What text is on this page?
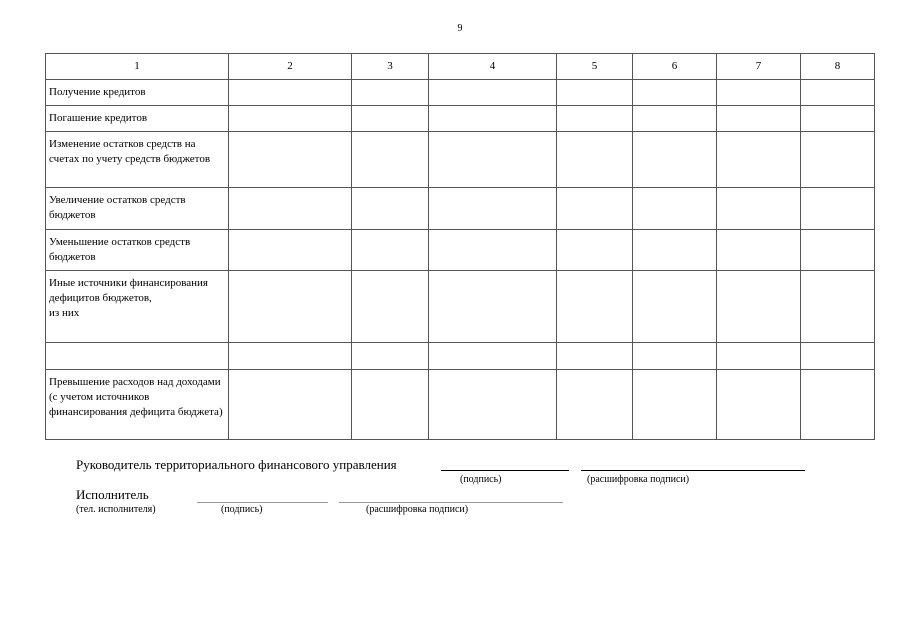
9
1	2	3	4	5	6	7	8
Получение кредитов							
Погашение кредитов							
Изменение остатков средств на счетах по учету средств бюджетов							
Увеличение остатков средств бюджетов							
Уменьшение остатков средств бюджетов							
Иные источники финансирования дефицитов бюджетов,
из них							

Превышение расходов над доходами (с учетом источников финансирования дефицита бюджета)							
Руководитель территориального финансового управления
(подпись)	(расшифровка подписи)
Исполнитель
(тел. исполнителя)	(подпись)	(расшифровка подписи)
